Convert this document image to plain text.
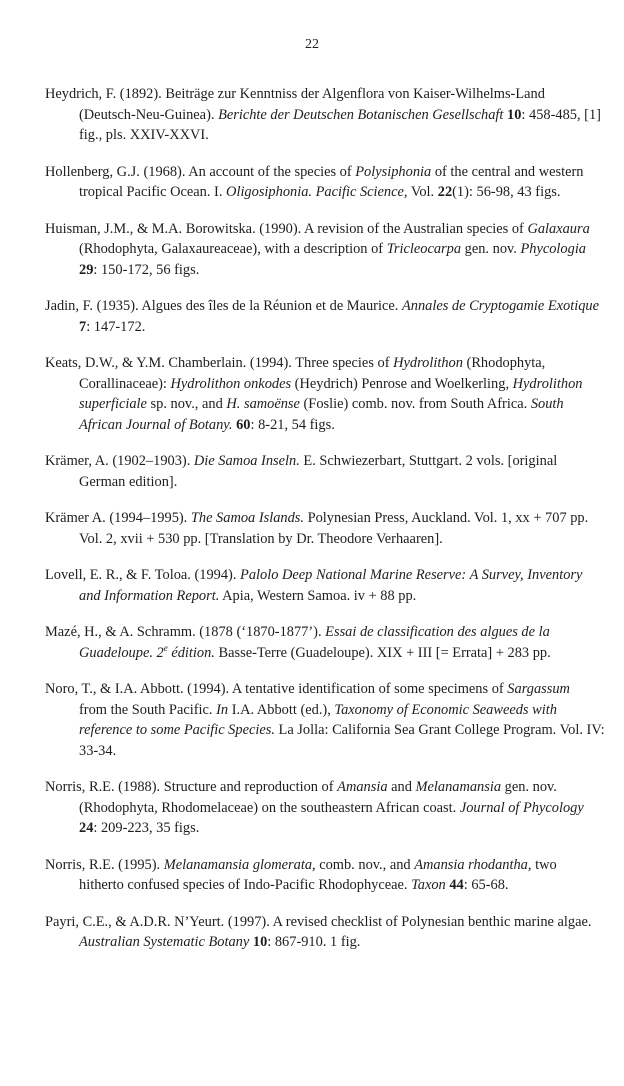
22

Heydrich, F. (1892). Beiträge zur Kenntniss der Algenflora von Kaiser-Wilhelms-Land (Deutsch-Neu-Guinea). Berichte der Deutschen Botanischen Gesellschaft 10: 458-485, [1] fig., pls. XXIV-XXVI.

Hollenberg, G.J. (1968). An account of the species of Polysiphonia of the central and western tropical Pacific Ocean. I. Oligosiphonia. Pacific Science, Vol. 22(1): 56-98, 43 figs.

Huisman, J.M., & M.A. Borowitska. (1990). A revision of the Australian species of Galaxaura (Rhodophyta, Galaxaureaceae), with a description of Tricleocarpa gen. nov. Phycologia 29: 150-172, 56 figs.

Jadin, F. (1935). Algues des îles de la Réunion et de Maurice. Annales de Cryptogamie Exotique 7: 147-172.

Keats, D.W., & Y.M. Chamberlain. (1994). Three species of Hydrolithon (Rhodophyta, Corallinaceae): Hydrolithon onkodes (Heydrich) Penrose and Woelkerling, Hydrolithon superficiale sp. nov., and H. samoënse (Foslie) comb. nov. from South Africa. South African Journal of Botany. 60: 8-21, 54 figs.

Krämer, A. (1902–1903). Die Samoa Inseln. E. Schwiezerbart, Stuttgart. 2 vols. [original German edition].

Krämer A. (1994–1995). The Samoa Islands. Polynesian Press, Auckland. Vol. 1, xx + 707 pp. Vol. 2, xvii + 530 pp. [Translation by Dr. Theodore Verhaaren].

Lovell, E. R., & F. Toloa. (1994). Palolo Deep National Marine Reserve: A Survey, Inventory and Information Report. Apia, Western Samoa. iv + 88 pp.

Mazé, H., & A. Schramm. (1878 (‘1870-1877’). Essai de classification des algues de la Guadeloupe. 2e édition. Basse-Terre (Guadeloupe). XIX + III [= Errata] + 283 pp.

Noro, T., & I.A. Abbott. (1994). A tentative identification of some specimens of Sargassum  from the South Pacific. In I.A. Abbott (ed.), Taxonomy of Economic Seaweeds with reference to some Pacific Species. La Jolla: California Sea Grant College Program. Vol. IV: 33-34.

Norris, R.E. (1988). Structure and reproduction of Amansia and Melanamansia gen. nov. (Rhodophyta, Rhodomelaceae) on the southeastern African coast. Journal of Phycology 24: 209-223, 35 figs.

Norris, R.E. (1995). Melanamansia glomerata, comb. nov., and Amansia rhodantha, two hitherto confused species of Indo-Pacific Rhodophyceae. Taxon 44: 65-68.

Payri, C.E., & A.D.R. N’Yeurt. (1997). A revised checklist of Polynesian benthic marine algae. Australian Systematic Botany 10: 867-910. 1 fig.
